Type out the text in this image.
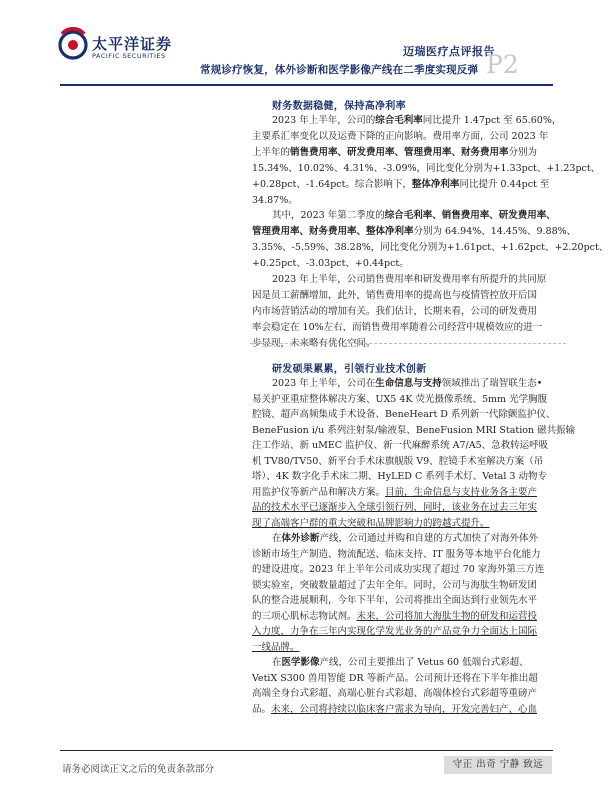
太平洋证券
PACIFIC SECURITIES	迈瑞医疗点评报告
常规诊疗恢复，体外诊断和医学影像产线在二季度实现反弹 P2
财务数据稳健，保持高净利率
2023 年上半年，公司的综合毛利率同比提升 1.47pct 至 65.60%，
主要系汇率变化以及运费下降的正向影响。费用率方面，公司 2023 年
上半年的销售费用率、研发费用率、管理费用率、财务费用率分别为
15.34%、10.02%、4.31%、-3.09%，同比变化分别为+1.33pct、+1.23pct、
+0.28pct、-1.64pct。综合影响下，整体净利率同比提升 0.44pct 至
34.87%。
其中，2023 年第二季度的综合毛利率、销售费用率、研发费用率、
管理费用率、财务费用率、整体净利率分别为 64.94%、14.45%、9.88%、
3.35%、-5.59%、38.28%，同比变化分别为+1.61pct、+1.62pct、+2.20pct、
+0.25pct、-3.03pct、+0.44pct。
2023 年上半年，公司销售费用率和研发费用率有所提升的共同原
因是员工薪酬增加，此外，销售费用率的提高也与疫情管控放开后国
内市场营销活动的增加有关。我们估计，长期来看，公司的研发费用
率会稳定在 10%左右，而销售费用率随着公司经营中规模效应的进一
步显现，未来略有优化空间。
研发硕果累累，引领行业技术创新
2023 年上半年，公司在生命信息与支持领域推出了瑞智联生态•
易关护亚重症整体解决方案、UX5 4K 荧光摄像系统、5mm 光学胸腹
腔镜、超声高频集成手术设备、BeneHeart D 系列新一代除颤监护仪、
BeneFusion i/u 系列注射泵/输液泵、BeneFusion MRI Station 磁共振输
注工作站、新 uMEC 监护仪、新一代麻醉系统 A7/A5、急救转运呼吸
机 TV80/TV50、新平台手术床旗舰版 V9、腔镜手术室解决方案（吊
塔）、4K 数字化手术床二期、HyLED C 系列手术灯、Vetal 3 动物专
用监护仪等新产品和解决方案。目前，生命信息与支持业务各主要产
品的技术水平已逐渐步入全球引领行列，同时，该业务在过去三年实
现了高端客户群的重大突破和品牌影响力的跨越式提升。
在体外诊断产线，公司通过并购和自建的方式加快了对海外体外
诊断市场生产制造、物流配送、临床支持、IT 服务等本地平台化能力
的建设进度。2023 年上半年公司成功实现了超过 70 家海外第三方连
锁实验室，突破数量超过了去年全年。同时，公司与海肽生物研发团
队的整合进展顺利，今年下半年，公司将推出全面达到行业领先水平
的三项心肌标志物试剂。未来，公司将加大海肽生物的研发和运营投
入力度，力争在三年内实现化学发光业务的产品竞争力全面达上国际
一线品牌。
在医学影像产线，公司主要推出了 Vetus 60 低端台式彩超、
VetiX S300 兽用智能 DR 等新产品。公司预计还将在下半年推出超
高端全身台式彩超、高端心脏台式彩超、高端体检台式彩超等重磅产
品。未来，公司将持续以临床客户需求为导向，开发完善妇产、心血
请务必阅读正文之后的免责条款部分	守正 出奇 宁静 致远
